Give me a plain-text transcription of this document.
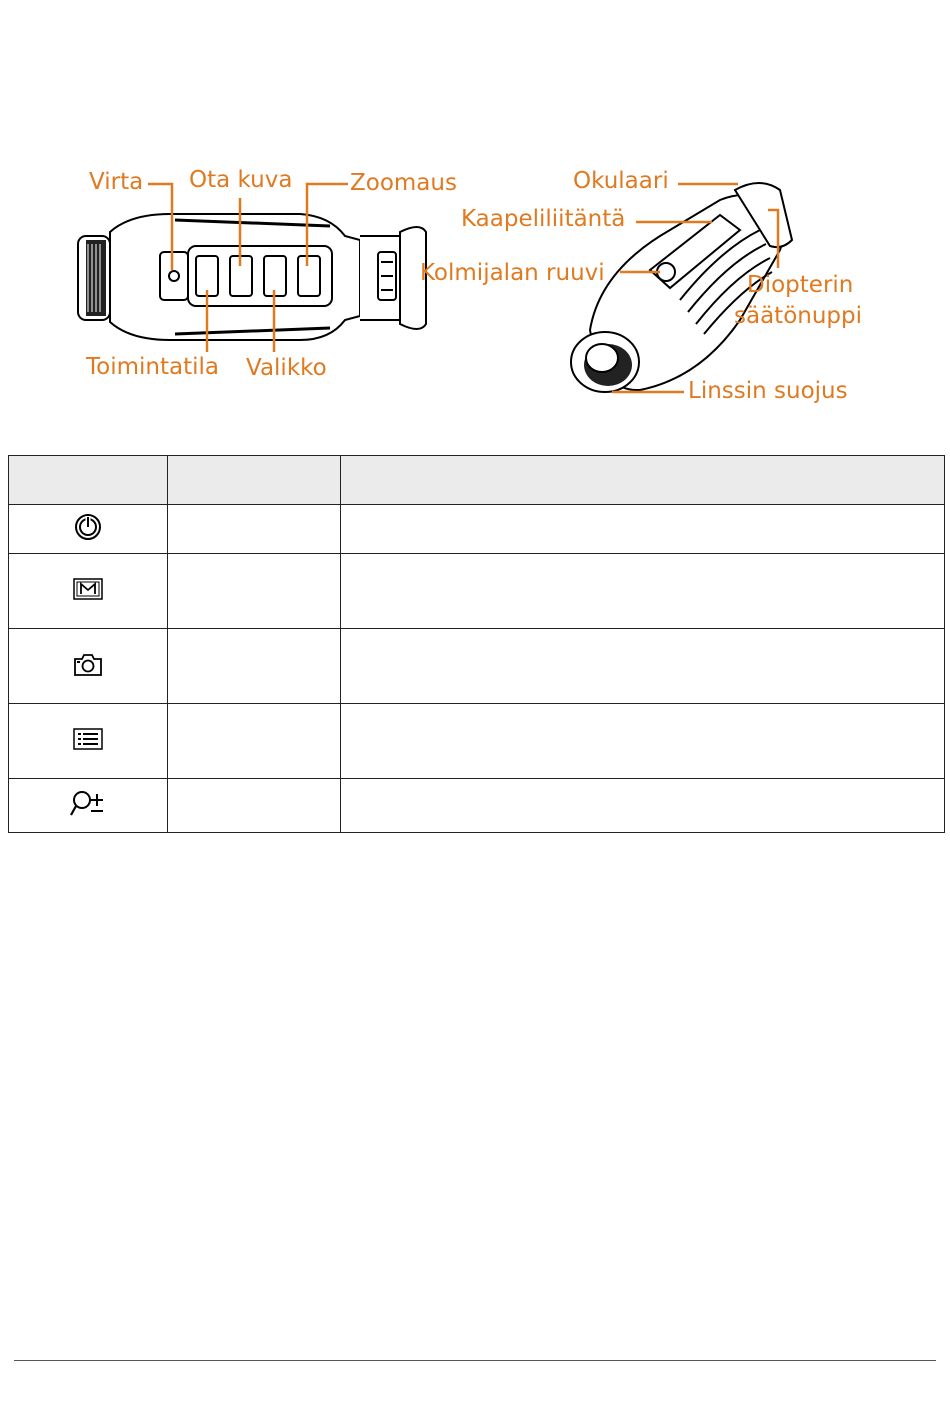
Virta Ota kuva	Zoomaus
Toimintatila Valikko
Okulaari
Kaapeliliitäntä
Kolmijalan ruuvi	Diopterin
säätönuppi
Linssin suojus
